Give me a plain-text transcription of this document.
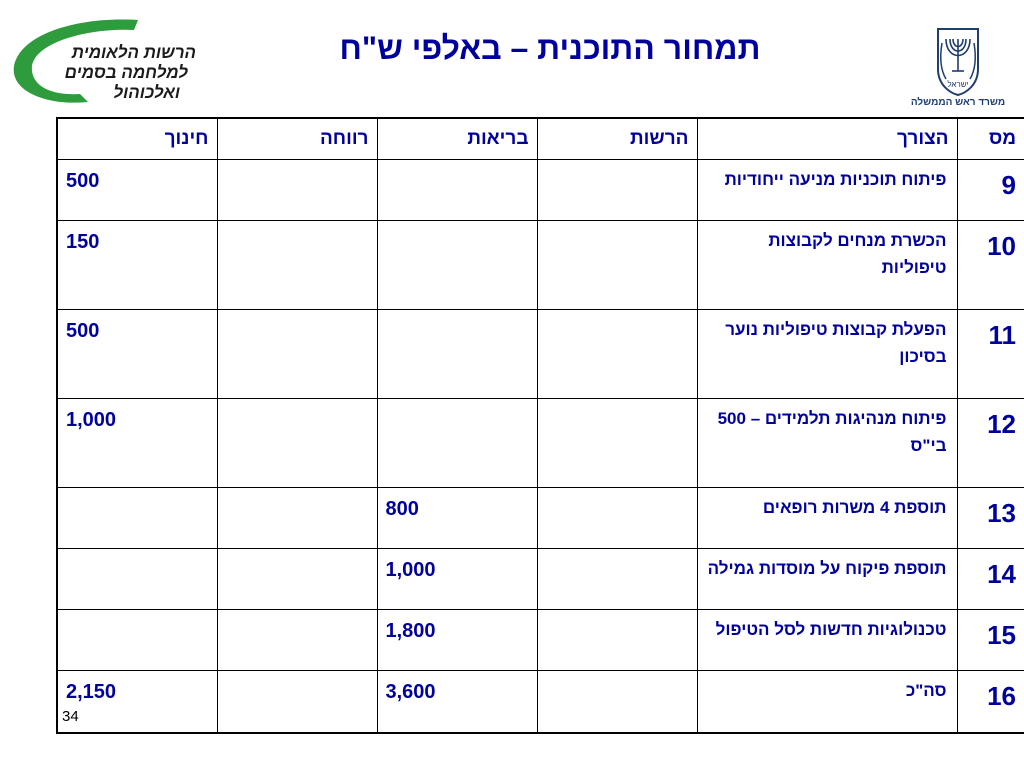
הרשות הלאומית
למלחמה בסמים
ואלכוהול
תמחור התוכנית – באלפי ש"ח
ישראל
משרד ראש הממשלה
מס	הצורך	הרשות	בריאות	רווחה	חינוך
9	פיתוח תוכניות מניעה ייחודיות				500
10	הכשרת מנחים לקבוצות טיפוליות				150
11	הפעלת קבוצות טיפוליות נוער בסיכון				500
12	פיתוח מנהיגות תלמידים – 500 בי"ס				1,000
13	תוספת 4 משרות רופאים		800		
14	תוספת פיקוח על מוסדות גמילה		1,000		
15	טכנולוגיות חדשות לסל הטיפול		1,800		
16	סה"כ		3,600		2,150
34
